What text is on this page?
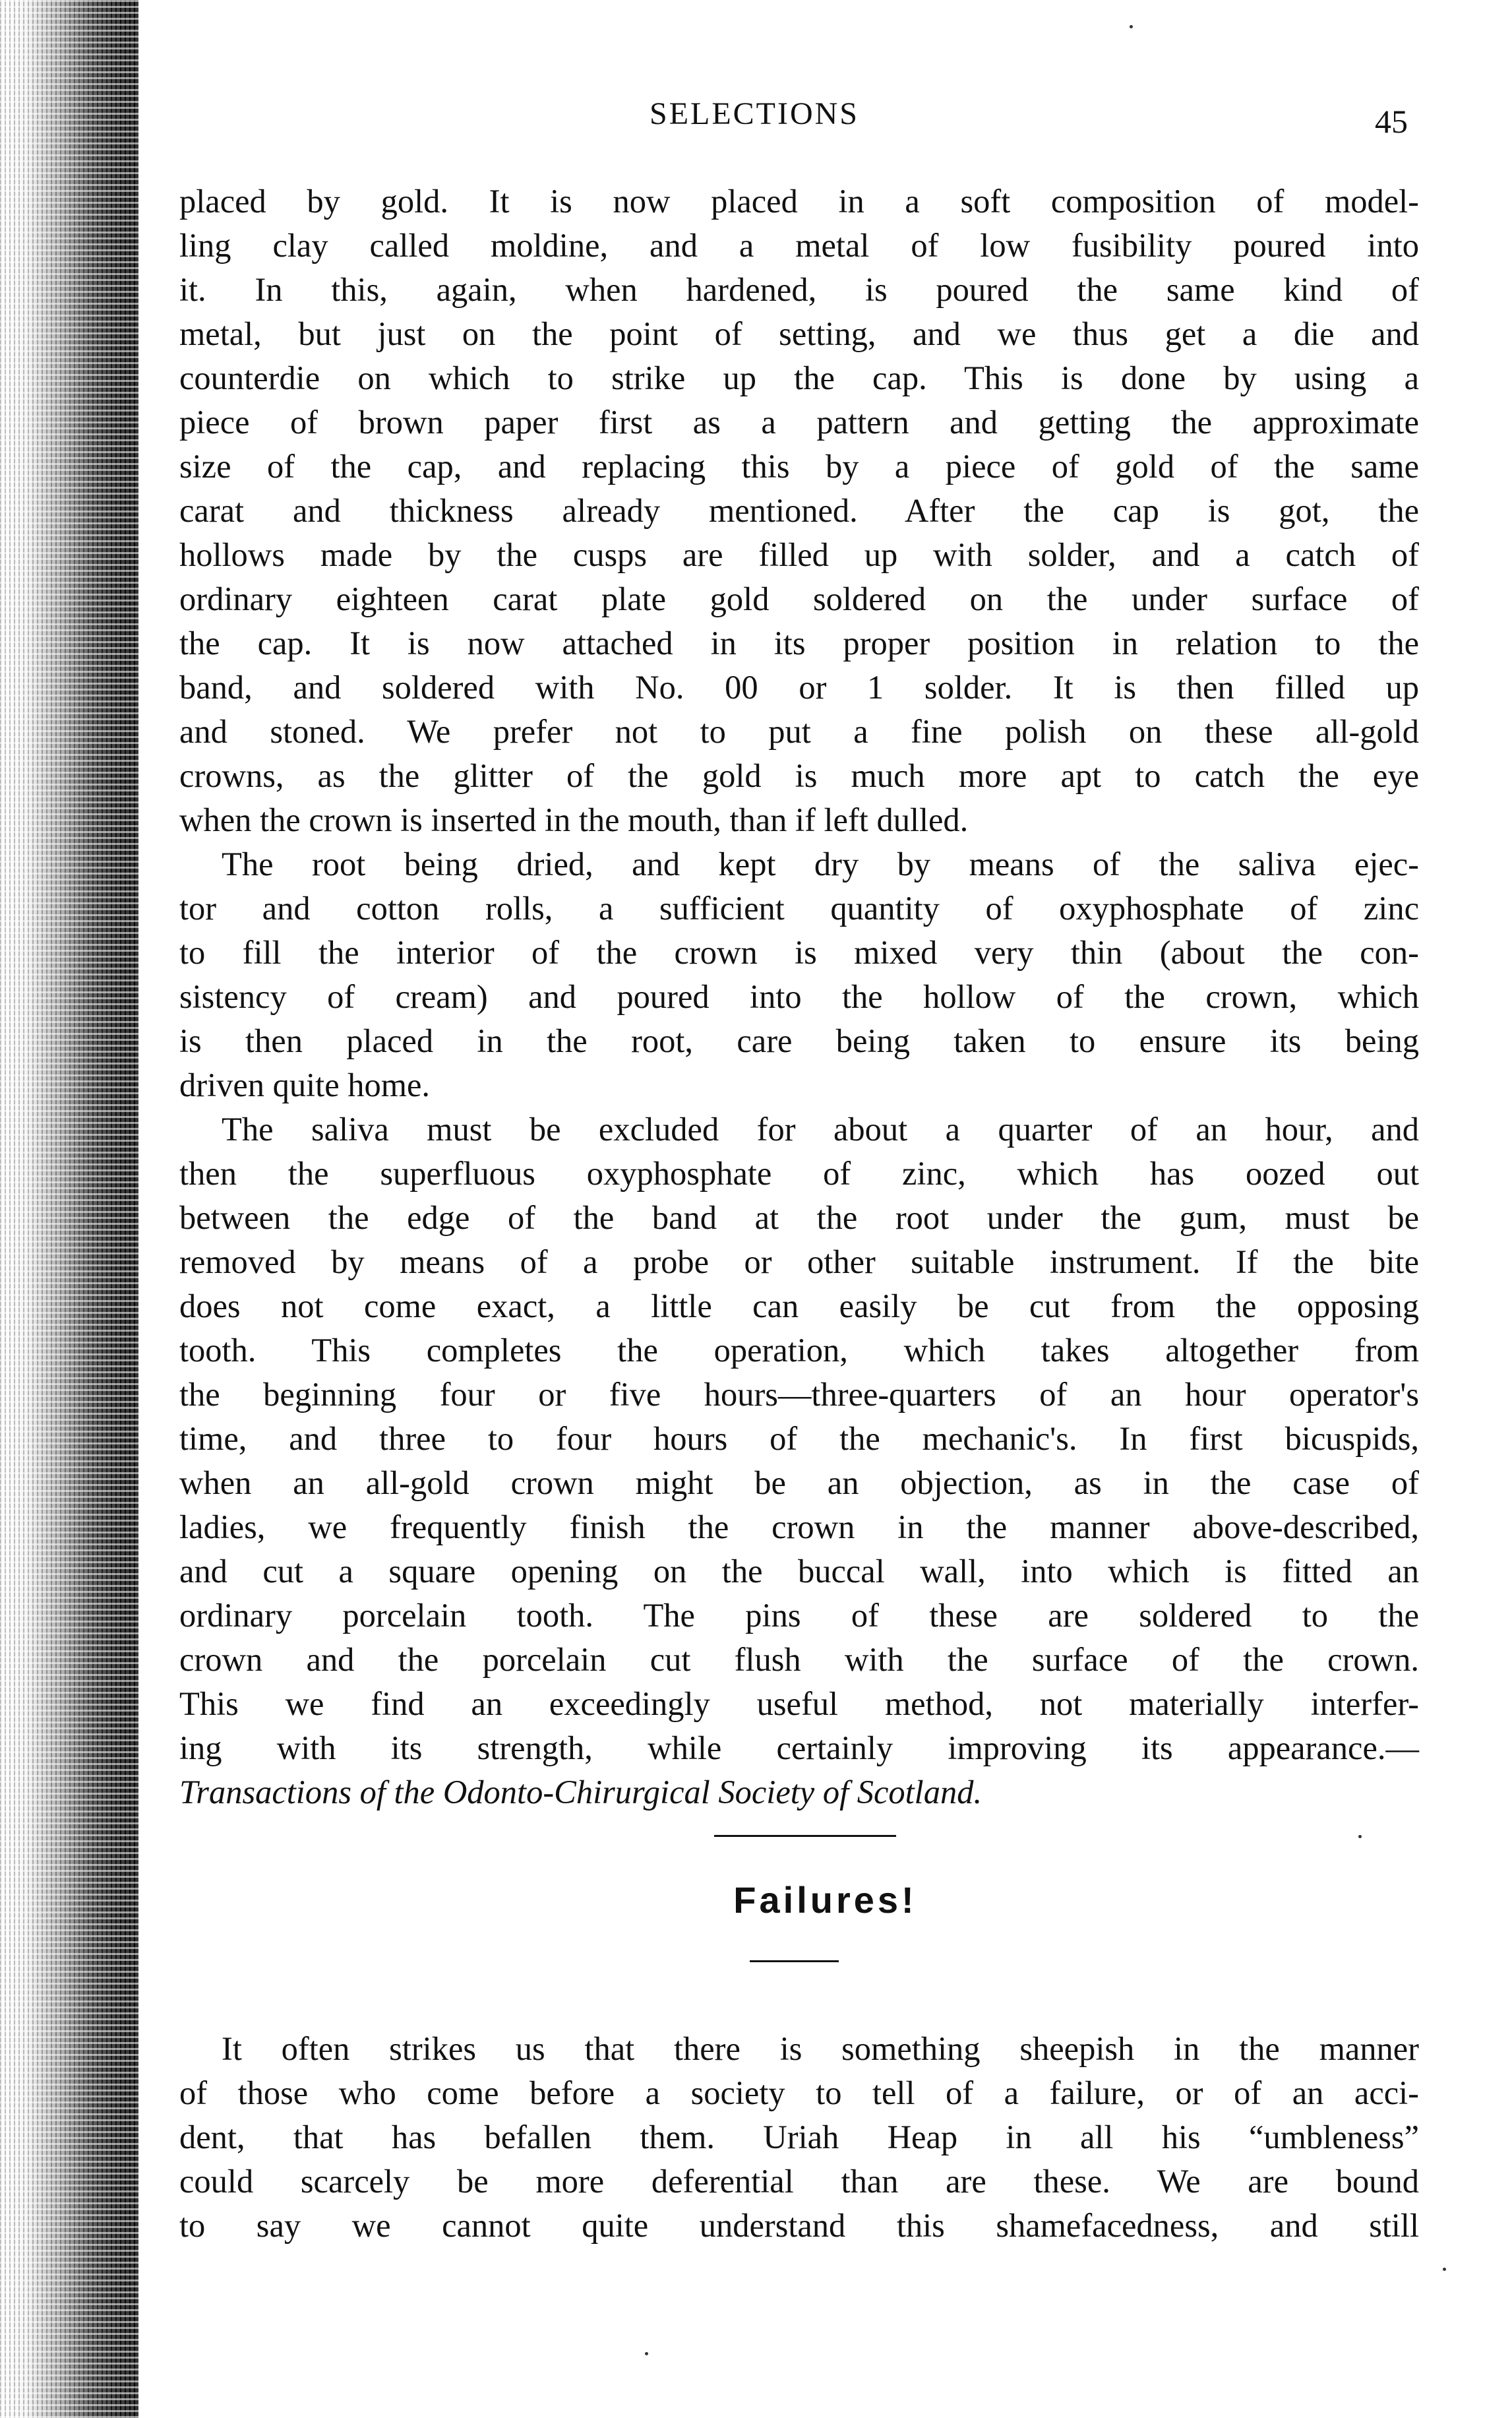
SELECTIONS	45
placed by gold. It is now placed in a soft composition of model-
ling clay called moldine, and a metal of low fusibility poured into
it. In this, again, when hardened, is poured the same kind of
metal, but just on the point of setting, and we thus get a die and
counterdie on which to strike up the cap. This is done by using a
piece of brown paper first as a pattern and getting the approximate
size of the cap, and replacing this by a piece of gold of the same
carat and thickness already mentioned. After the cap is got, the
hollows made by the cusps are filled up with solder, and a catch of
ordinary eighteen carat plate gold soldered on the under surface of
the cap. It is now attached in its proper position in relation to the
band, and soldered with No. 00 or 1 solder. It is then filled up
and stoned. We prefer not to put a fine polish on these all-gold
crowns, as the glitter of the gold is much more apt to catch the eye
when the crown is inserted in the mouth, than if left dulled.
The root being dried, and kept dry by means of the saliva ejec-
tor and cotton rolls, a sufficient quantity of oxyphosphate of zinc
to fill the interior of the crown is mixed very thin (about the con-
sistency of cream) and poured into the hollow of the crown, which
is then placed in the root, care being taken to ensure its being
driven quite home.
The saliva must be excluded for about a quarter of an hour, and
then the superfluous oxyphosphate of zinc, which has oozed out
between the edge of the band at the root under the gum, must be
removed by means of a probe or other suitable instrument. If the bite
does not come exact, a little can easily be cut from the opposing
tooth. This completes the operation, which takes altogether from
the beginning four or five hours—three-quarters of an hour operator's
time, and three to four hours of the mechanic's. In first bicuspids,
when an all-gold crown might be an objection, as in the case of
ladies, we frequently finish the crown in the manner above-described,
and cut a square opening on the buccal wall, into which is fitted an
ordinary porcelain tooth. The pins of these are soldered to the
crown and the porcelain cut flush with the surface of the crown.
This we find an exceedingly useful method, not materially interfer-
ing with its strength, while certainly improving its appearance.—
Transactions of the Odonto-Chirurgical Society of Scotland.
Failures!
It often strikes us that there is something sheepish in the manner
of those who come before a society to tell of a failure, or of an acci-
dent, that has befallen them. Uriah Heap in all his “umbleness”
could scarcely be more deferential than are these. We are bound
to say we cannot quite understand this shamefacedness, and still
